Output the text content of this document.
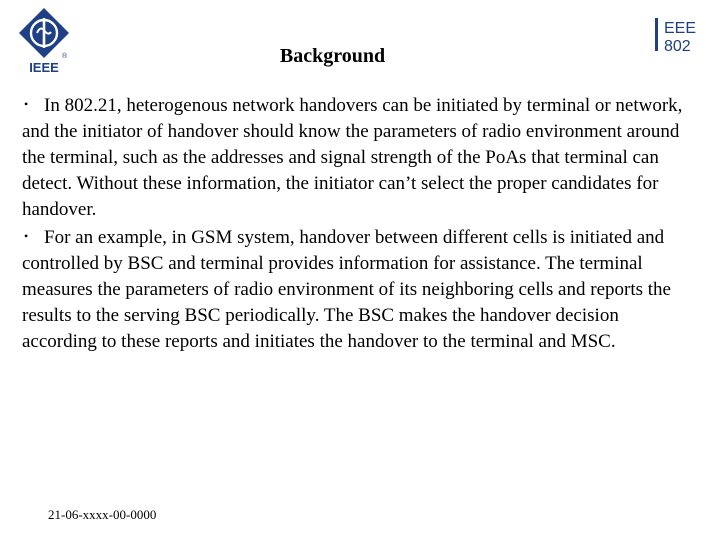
®
IEEE
Background
EEE
802

• In 802.21, heterogenous network handovers can be initiated by terminal or network, and the initiator of handover should know the parameters of radio environment around the terminal, such as the addresses and signal strength of the PoAs that terminal can detect. Without these information, the initiator can’t select the proper candidates for handover.

• For an example, in GSM system, handover between different cells is initiated and controlled by BSC and terminal provides information for assistance. The terminal measures the parameters of radio environment of its neighboring cells and reports the results to the serving BSC periodically. The BSC makes the handover decision according to these reports and initiates the handover to the terminal and MSC.

21-06-xxxx-00-0000
